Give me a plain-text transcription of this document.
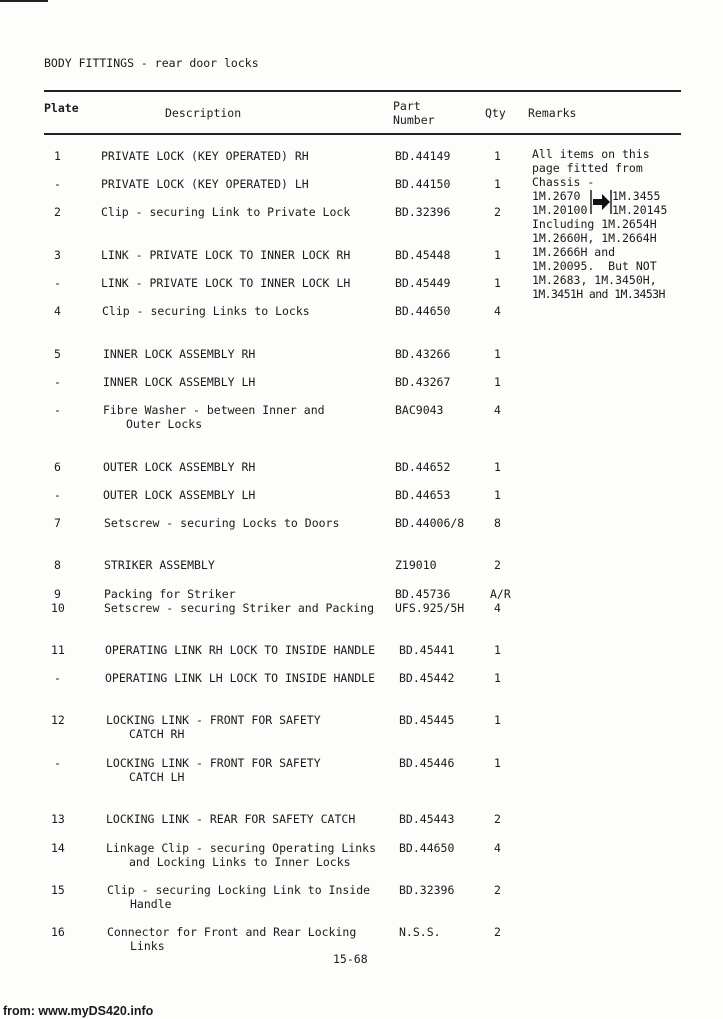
BODY FITTINGS - rear door locks
Plate	Description	Part
Number	Qty Remarks
1	PRIVATE LOCK (KEY OPERATED) RH	BD.44149	1
-	PRIVATE LOCK (KEY OPERATED) LH	BD.44150	1
2	Clip - securing Link to Private Lock	BD.32396	2
3	LINK - PRIVATE LOCK TO INNER LOCK RH	BD.45448	1
-	LINK - PRIVATE LOCK TO INNER LOCK LH	BD.45449	1
4	Clip - securing Links to Locks	BD.44650	4
5	INNER LOCK ASSEMBLY RH	BD.43266	1
-	INNER LOCK ASSEMBLY LH	BD.43267	1
-	Fibre Washer - between Inner and	BAC9043	4
Outer Locks
6	OUTER LOCK ASSEMBLY RH	BD.44652	1
-	OUTER LOCK ASSEMBLY LH	BD.44653	1
7	Setscrew - securing Locks to Doors	BD.44006/8	8
8	STRIKER ASSEMBLY	Z19010	2
9	Packing for Striker	BD.45736	A/R
10	Setscrew - securing Striker and Packing UFS.925/5H	4
11	OPERATING LINK RH LOCK TO INSIDE HANDLE BD.45441	1
-	OPERATING LINK LH LOCK TO INSIDE HANDLE BD.45442	1
12	LOCKING LINK - FRONT FOR SAFETY	BD.45445	1
CATCH RH
-	LOCKING LINK - FRONT FOR SAFETY	BD.45446	1
CATCH LH
13	LOCKING LINK - REAR FOR SAFETY CATCH	BD.45443	2
14	Linkage Clip - securing Operating Links BD.44650	4
and Locking Links to Inner Locks
15	Clip - securing Locking Link to Inside	BD.32396	2
Handle
16	Connector for Front and Rear Locking	N.S.S.	2
Links
All items on this
page fitted from
Chassis -
1M.2670	1M.3455
1M.20100 1M.20145
Including 1M.2654H
1M.2660H, 1M.2664H
1M.2666H and
1M.20095.  But NOT
1M.2683, 1M.3450H,
1M.3451H and 1M.3453H
15-68
from: www.myDS420.info
